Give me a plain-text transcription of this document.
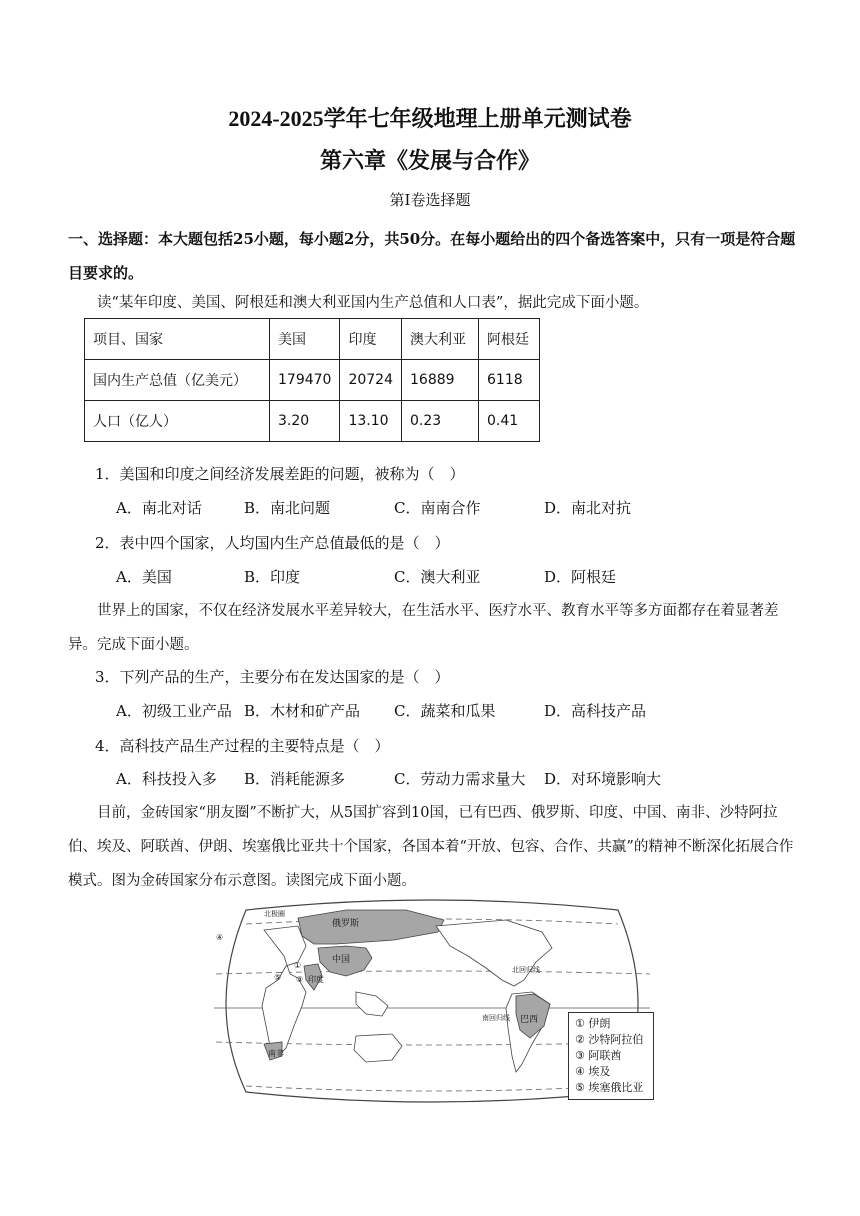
2024-2025学年七年级地理上册单元测试卷
第六章《发展与合作》
第Ⅰ卷选择题
一、选择题：本大题包括25小题，每小题2分，共50分。在每小题给出的四个备选答案中，只有一项是符合题目要求的。
读“某年印度、美国、阿根廷和澳大利亚国内生产总值和人口表”，据此完成下面小题。
项目、国家	美国	印度	澳大利亚	阿根廷
国内生产总值（亿美元）	179470	20724	16889	6118
人口（亿人）	3.20	13.10	0.23	0.41
1．美国和印度之间经济发展差距的问题，被称为（　）
A．南北对话	B．南北问题	C．南南合作	D．南北对抗
2．表中四个国家，人均国内生产总值最低的是（　）
A．美国	B．印度	C．澳大利亚	D．阿根廷
世界上的国家，不仅在经济发展水平差异较大，在生活水平、医疗水平、教育水平等多方面都存在着显著差异。完成下面小题。
3．下列产品的生产，主要分布在发达国家的是（　）
A．初级工业产品 B．木材和矿产品 C．蔬菜和瓜果	D．高科技产品
4．高科技产品生产过程的主要特点是（　）
A．科技投入多 B．消耗能源多	C．劳动力需求量大 D．对环境影响大
目前，金砖国家“朋友圈”不断扩大，从5国扩容到10国，已有巴西、俄罗斯、印度、中国、南非、沙特阿拉伯、埃及、阿联酋、伊朗、埃塞俄比亚共十个国家，各国本着“开放、包容、合作、共赢”的精神不断深化拓展合作模式。图为金砖国家分布示意图。读图完成下面小题。
俄罗斯
中国
印度
③
①
④
⑤
巴西
南非
北回归线
南回归线
北极圈
① 伊朗
② 沙特阿拉伯
③ 阿联酋
④ 埃及
⑤ 埃塞俄比亚
